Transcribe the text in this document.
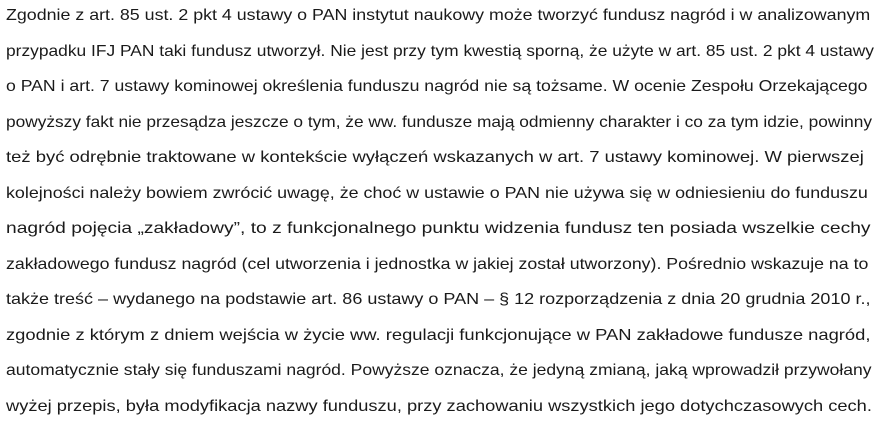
Zgodnie z art. 85 ust. 2 pkt 4 ustawy o PAN instytut naukowy może tworzyć fundusz nagród i w analizowanym
przypadku IFJ PAN taki fundusz utworzył. Nie jest przy tym kwestią sporną, że użyte w art. 85 ust. 2 pkt 4 ustawy
o PAN i art. 7 ustawy kominowej określenia funduszu nagród nie są tożsame. W ocenie Zespołu Orzekającego
powyższy fakt nie przesądza jeszcze o tym, że ww. fundusze mają odmienny charakter i co za tym idzie, powinny
też być odrębnie traktowane w kontekście wyłączeń wskazanych w art. 7 ustawy kominowej. W pierwszej
kolejności należy bowiem zwrócić uwagę, że choć w ustawie o PAN nie używa się w odniesieniu do funduszu
nagród pojęcia „zakładowy”, to z funkcjonalnego punktu widzenia fundusz ten posiada wszelkie cechy
zakładowego fundusz nagród (cel utworzenia i jednostka w jakiej został utworzony). Pośrednio wskazuje na to
także treść – wydanego na podstawie art. 86 ustawy o PAN – § 12 rozporządzenia z dnia 20 grudnia 2010 r.,
zgodnie z którym z dniem wejścia w życie ww. regulacji funkcjonujące w PAN zakładowe fundusze nagród,
automatycznie stały się funduszami nagród. Powyższe oznacza, że jedyną zmianą, jaką wprowadził przywołany
wyżej przepis, była modyfikacja nazwy funduszu, przy zachowaniu wszystkich jego dotychczasowych cech.
